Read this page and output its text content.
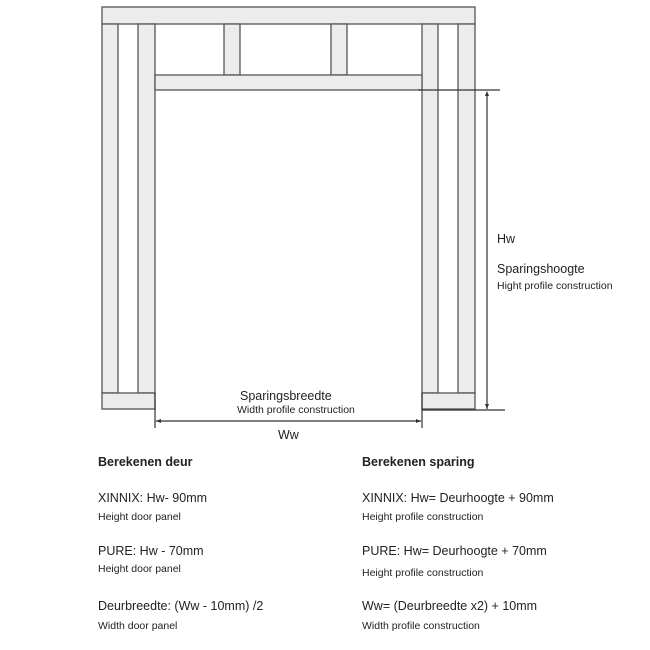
Hw
Sparingshoogte
Hight profile construction
Sparingsbreedte
Width profile construction
Ww
Berekenen deur
XINNIX: Hw- 90mm
Height door panel
PURE: Hw - 70mm
Height door panel
Deurbreedte: (Ww - 10mm) /2
Width door panel
Berekenen sparing
XINNIX: Hw= Deurhoogte + 90mm
Height profile construction
PURE: Hw= Deurhoogte + 70mm
Height profile construction
Ww= (Deurbreedte x2) + 10mm
Width profile construction
